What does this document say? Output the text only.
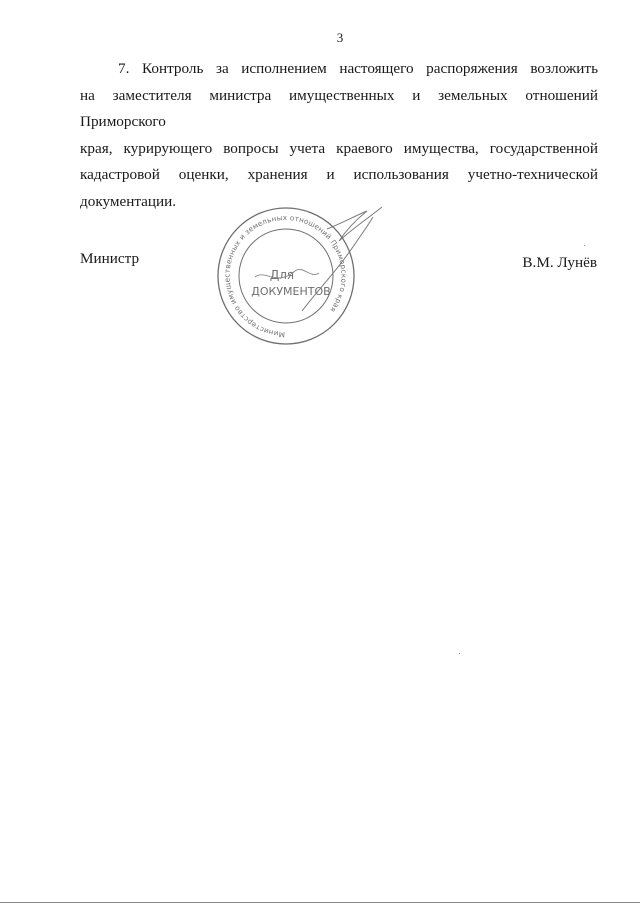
3
7. Контроль за исполнением настоящего распоряжения возложить
на заместителя министра имущественных и земельных отношений Приморского
края, курирующего вопросы учета краевого имущества, государственной
кадастровой оценки, хранения и использования учетно-технической
документации.
Министр
Министерство имущественных и земельных отношений Приморского края
Для
ДОКУМЕНТОВ
В.М. Лунёв
